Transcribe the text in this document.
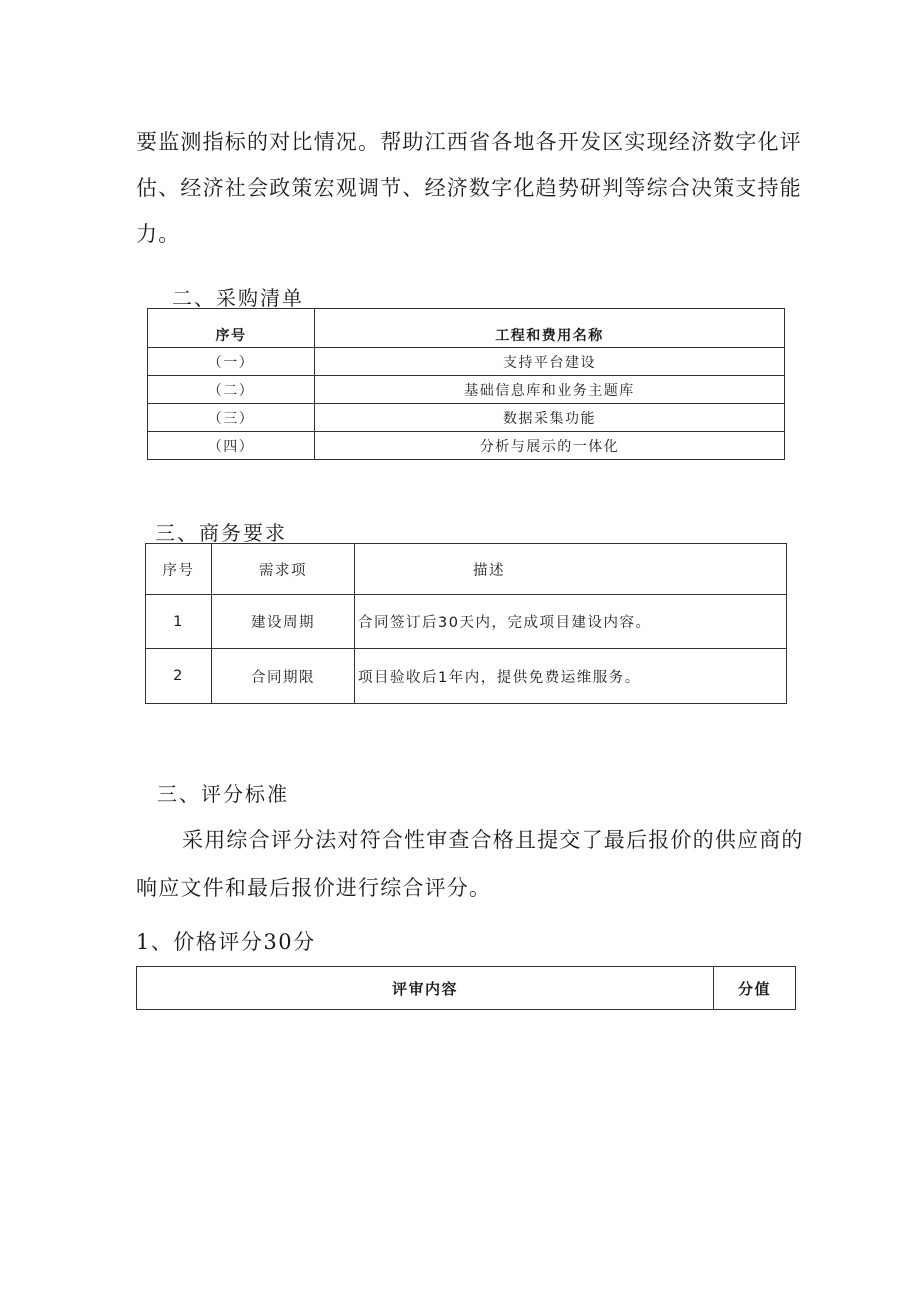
要监测指标的对比情况。帮助江西省各地各开发区实现经济数字化评
估、经济社会政策宏观调节、经济数字化趋势研判等综合决策支持能
力。
二、采购清单
序号	工程和费用名称
（一）	支持平台建设
（二）	基础信息库和业务主题库
（三）	数据采集功能
（四）	分析与展示的一体化
三、商务要求
序号	需求项	描述
1	建设周期	合同签订后30天内，完成项目建设内容。
2	合同期限	项目验收后1年内，提供免费运维服务。
三、评分标准
采用综合评分法对符合性审查合格且提交了最后报价的供应商的
响应文件和最后报价进行综合评分。
1、价格评分30分
评审内容	分值
